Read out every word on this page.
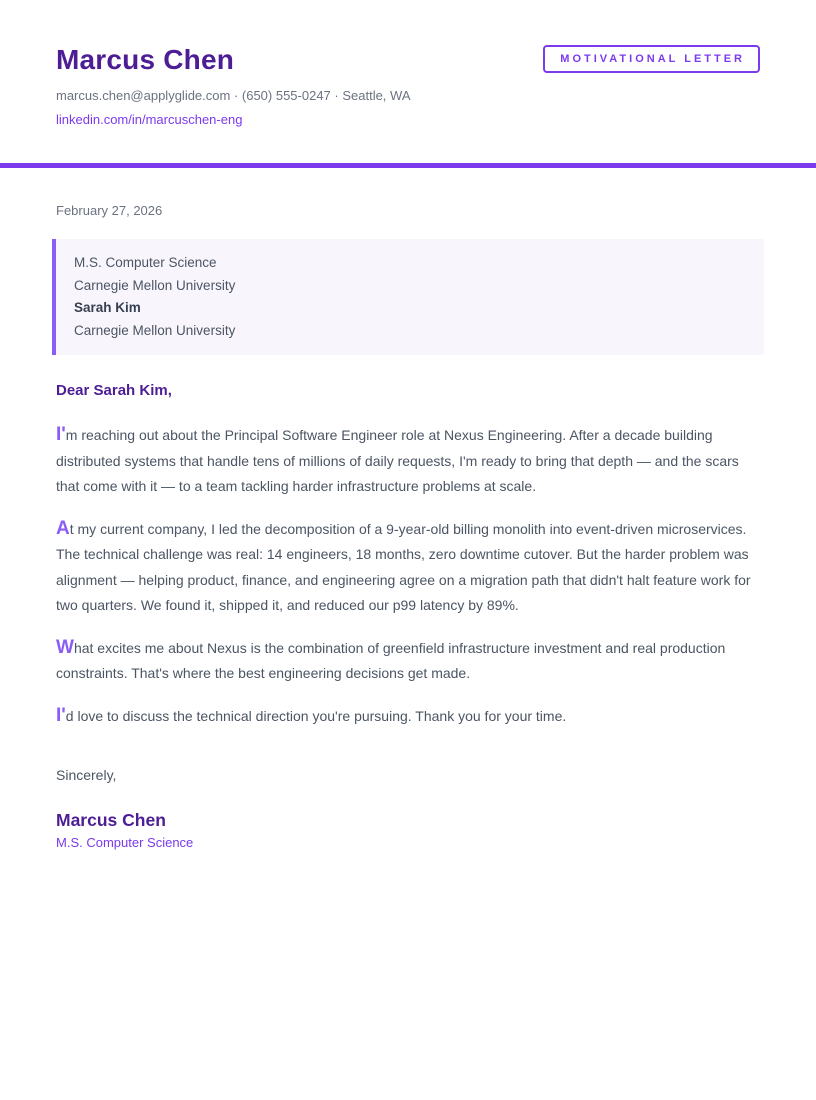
Marcus Chen
marcus.chen@applyglide.com · (650) 555-0247 · Seattle, WA
linkedin.com/in/marcuschen-eng
MOTIVATIONAL LETTER
February 27, 2026
M.S. Computer Science
Carnegie Mellon University
Sarah Kim
Carnegie Mellon University
Dear Sarah Kim,

I'm reaching out about the Principal Software Engineer role at Nexus Engineering. After a decade building distributed systems that handle tens of millions of daily requests, I'm ready to bring that depth — and the scars that come with it — to a team tackling harder infrastructure problems at scale.

At my current company, I led the decomposition of a 9-year-old billing monolith into event-driven microservices. The technical challenge was real: 14 engineers, 18 months, zero downtime cutover. But the harder problem was alignment — helping product, finance, and engineering agree on a migration path that didn't halt feature work for two quarters. We found it, shipped it, and reduced our p99 latency by 89%.

What excites me about Nexus is the combination of greenfield infrastructure investment and real production constraints. That's where the best engineering decisions get made.

I'd love to discuss the technical direction you're pursuing. Thank you for your time.

Sincerely,
Marcus Chen
M.S. Computer Science
